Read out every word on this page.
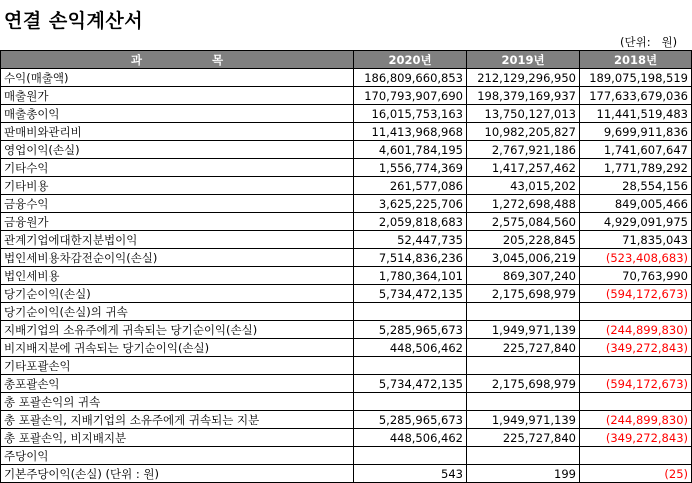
연결 손익계산서
(단위:   원)
과 목	2020년	2019년	2018년
수익(매출액)	186,809,660,853	212,129,296,950	189,075,198,519
매출원가	170,793,907,690	198,379,169,937	177,633,679,036
매출총이익	16,015,753,163	13,750,127,013	11,441,519,483
판매비와관리비	11,413,968,968	10,982,205,827	9,699,911,836
영업이익(손실)	4,601,784,195	2,767,921,186	1,741,607,647
기타수익	1,556,774,369	1,417,257,462	1,771,789,292
기타비용	261,577,086	43,015,202	28,554,156
금융수익	3,625,225,706	1,272,698,488	849,005,466
금융원가	2,059,818,683	2,575,084,560	4,929,091,975
관계기업에대한지분법이익	52,447,735	205,228,845	71,835,043
법인세비용차감전순이익(손실)	7,514,836,236	3,045,006,219	(523,408,683)
법인세비용	1,780,364,101	869,307,240	70,763,990
당기순이익(손실)	5,734,472,135	2,175,698,979	(594,172,673)
당기순이익(손실)의 귀속			
지배기업의 소유주에게 귀속되는 당기순이익(손실)	5,285,965,673	1,949,971,139	(244,899,830)
비지배지분에 귀속되는 당기순이익(손실)	448,506,462	225,727,840	(349,272,843)
기타포괄손익			
총포괄손익	5,734,472,135	2,175,698,979	(594,172,673)
총 포괄손익의 귀속			
총 포괄손익, 지배기업의 소유주에게 귀속되는 지분	5,285,965,673	1,949,971,139	(244,899,830)
총 포괄손익, 비지배지분	448,506,462	225,727,840	(349,272,843)
주당이익			
기본주당이익(손실) (단위 : 원)	543	199	(25)
